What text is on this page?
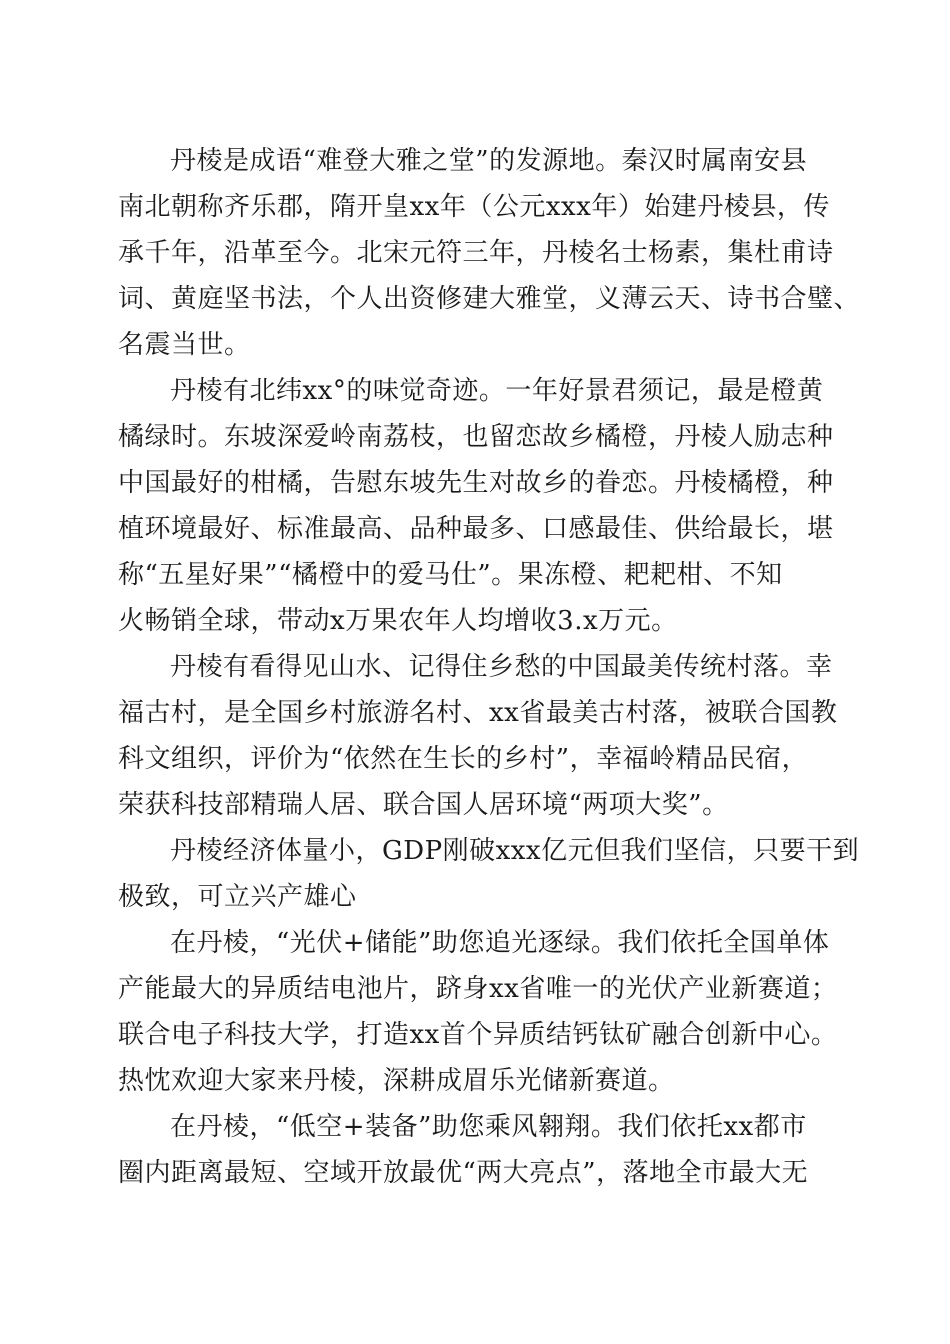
丹棱是成语“难登大雅之堂”的发源地。秦汉时属南安县
南北朝称齐乐郡，隋开皇xx年（公元xxx年）始建丹棱县，传
承千年，沿革至今。北宋元符三年，丹棱名士杨素，集杜甫诗
词、黄庭坚书法，个人出资修建大雅堂，义薄云天、诗书合璧、
名震当世。

丹棱有北纬xx°的味觉奇迹。一年好景君须记，最是橙黄
橘绿时。东坡深爱岭南荔枝，也留恋故乡橘橙，丹棱人励志种
中国最好的柑橘，告慰东坡先生对故乡的眷恋。丹棱橘橙，种
植环境最好、标准最高、品种最多、口感最佳、供给最长，堪
称“五星好果”“橘橙中的爱马仕”。果冻橙、耙耙柑、不知
火畅销全球，带动x万果农年人均增收3.x万元。

丹棱有看得见山水、记得住乡愁的中国最美传统村落。幸
福古村，是全国乡村旅游名村、xx省最美古村落，被联合国教
科文组织，评价为“依然在生长的乡村”，幸福岭精品民宿，
荣获科技部精瑞人居、联合国人居环境“两项大奖”。

丹棱经济体量小，GDP刚破xxx亿元但我们坚信，只要干到
极致，可立兴产雄心

在丹棱，“光伏+储能”助您追光逐绿。我们依托全国单体
产能最大的异质结电池片，跻身xx省唯一的光伏产业新赛道；
联合电子科技大学，打造xx首个异质结钙钛矿融合创新中心。
热忱欢迎大家来丹棱，深耕成眉乐光储新赛道。

在丹棱，“低空+装备”助您乘风翱翔。我们依托xx都市
圈内距离最短、空域开放最优“两大亮点”，落地全市最大无
